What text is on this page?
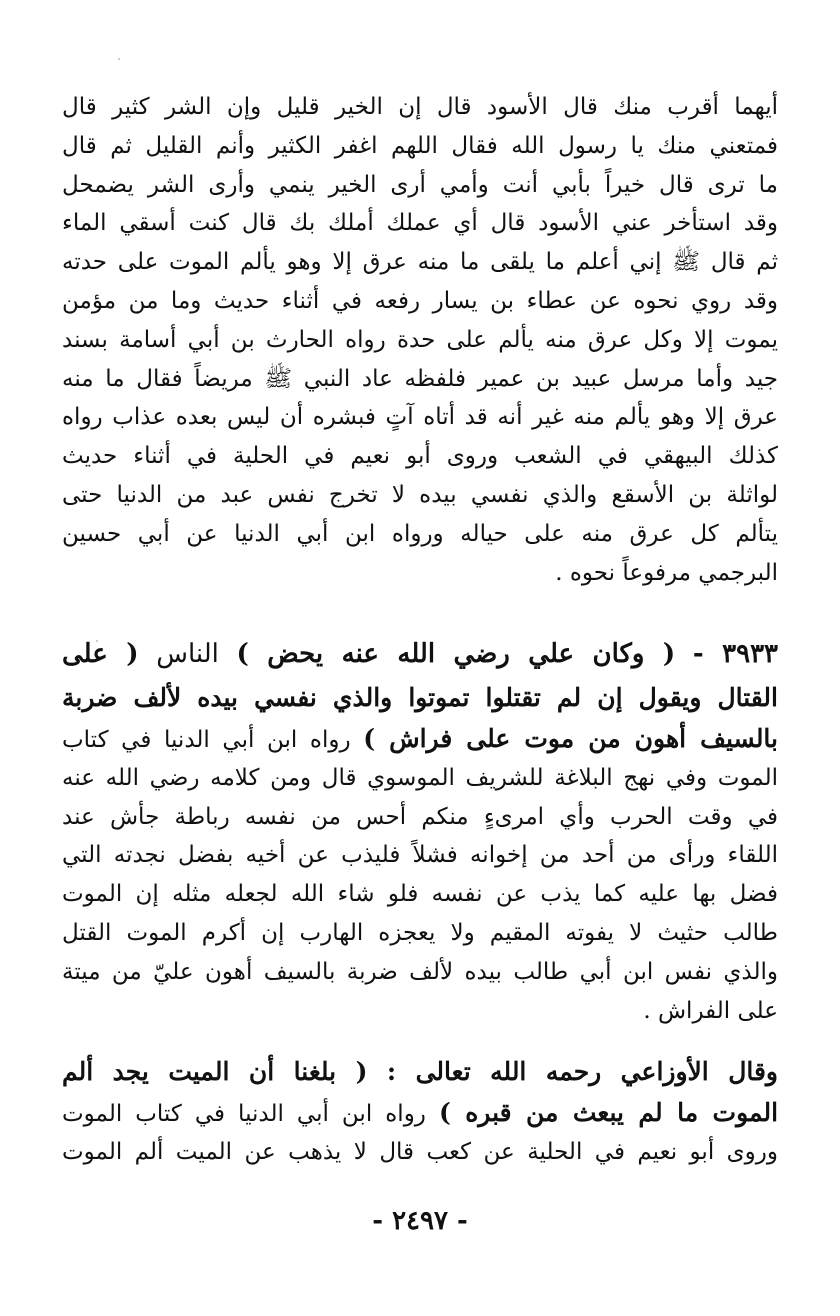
أيهما أقرب منك قال الأسود قال إن الخير قليل وإن الشر كثير قال
فمتعني منك يا رسول الله فقال اللهم اغفر الكثير وأنم القليل ثم قال
ما ترى قال خيراً بأبي أنت وأمي أرى الخير ينمي وأرى الشر يضمحل
وقد استأخر عني الأسود قال أي عملك أملك بك قال كنت أسقي الماء
ثم قال ﷺ إني أعلم ما يلقى ما منه عرق إلا وهو يألم الموت على حدته
وقد روي نحوه عن عطاء بن يسار رفعه في أثناء حديث وما من مؤمن
يموت إلا وكل عرق منه يألم على حدة رواه الحارث بن أبي أسامة بسند
جيد وأما مرسل عبيد بن عمير فلفظه عاد النبي ﷺ مريضاً فقال ما منه
عرق إلا وهو يألم منه غير أنه قد أتاه آتٍ فبشره أن ليس بعده عذاب رواه
كذلك البيهقي في الشعب وروى أبو نعيم في الحلية في أثناء حديث
لواثلة بن الأسقع والذي نفسي بيده لا تخرج نفس عبد من الدنيا حتى
يتألم كل عرق منه على حياله ورواه ابن أبي الدنيا عن أبي حسين
البرجمي مرفوعاً نحوه .
٣٩٣٣ - ( وكان علي رضي الله عنه يحض ) الناس ( على
القتال ويقول إن لم تقتلوا تموتوا والذي نفسي بيده لألف ضربة
بالسيف أهون من موت على فراش ) رواه ابن أبي الدنيا في كتاب
الموت وفي نهج البلاغة للشريف الموسوي قال ومن كلامه رضي الله عنه
في وقت الحرب وأي امرىءٍ منكم أحس من نفسه رباطة جأش عند
اللقاء ورأى من أحد من إخوانه فشلاً فليذب عن أخيه بفضل نجدته التي
فضل بها عليه كما يذب عن نفسه فلو شاء الله لجعله مثله إن الموت
طالب حثيث لا يفوته المقيم ولا يعجزه الهارب إن أكرم الموت القتل
والذي نفس ابن أبي طالب بيده لألف ضربة بالسيف أهون عليّ من ميتة
على الفراش .
وقال الأوزاعي رحمه الله تعالى : ( بلغنا أن الميت يجد ألم
الموت ما لم يبعث من قبره ) رواه ابن أبي الدنيا في كتاب الموت
وروى أبو نعيم في الحلية عن كعب قال لا يذهب عن الميت ألم الموت
- ٢٤٩٧ -
